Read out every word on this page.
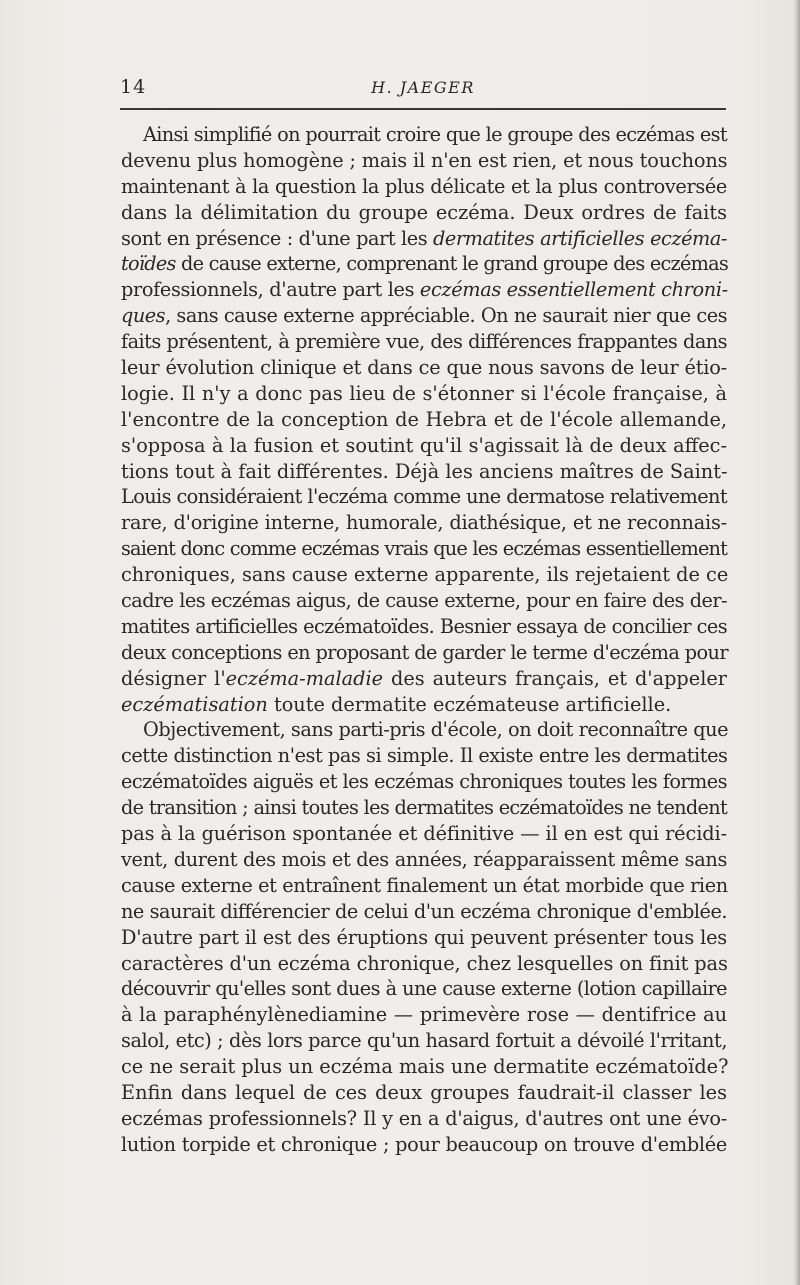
14	H. JAEGER
Ainsi simplifié on pourrait croire que le groupe des eczémas est
devenu plus homogène ; mais il n'en est rien, et nous touchons
maintenant à la question la plus délicate et la plus controversée
dans la délimitation du groupe eczéma. Deux ordres de faits
sont en présence : d'une part les dermatites artificielles eczéma-
toïdes de cause externe, comprenant le grand groupe des eczémas
professionnels, d'autre part les eczémas essentiellement chroni-
ques, sans cause externe appréciable. On ne saurait nier que ces
faits présentent, à première vue, des différences frappantes dans
leur évolution clinique et dans ce que nous savons de leur étio-
logie. Il n'y a donc pas lieu de s'étonner si l'école française, à
l'encontre de la conception de Hebra et de l'école allemande,
s'opposa à la fusion et soutint qu'il s'agissait là de deux affec-
tions tout à fait différentes. Déjà les anciens maîtres de Saint-
Louis considéraient l'eczéma comme une dermatose relativement
rare, d'origine interne, humorale, diathésique, et ne reconnais-
saient donc comme eczémas vrais que les eczémas essentiellement
chroniques, sans cause externe apparente, ils rejetaient de ce
cadre les eczémas aigus, de cause externe, pour en faire des der-
matites artificielles eczématoïdes. Besnier essaya de concilier ces
deux conceptions en proposant de garder le terme d'eczéma pour
désigner l'eczéma-maladie des auteurs français, et d'appeler
eczématisation toute dermatite eczémateuse artificielle.
Objectivement, sans parti-pris d'école, on doit reconnaître que
cette distinction n'est pas si simple. Il existe entre les dermatites
eczématoïdes aiguës et les eczémas chroniques toutes les formes
de transition ; ainsi toutes les dermatites eczématoïdes ne tendent
pas à la guérison spontanée et définitive — il en est qui récidi-
vent, durent des mois et des années, réapparaissent même sans
cause externe et entraînent finalement un état morbide que rien
ne saurait différencier de celui d'un eczéma chronique d'emblée.
D'autre part il est des éruptions qui peuvent présenter tous les
caractères d'un eczéma chronique, chez lesquelles on finit pas
découvrir qu'elles sont dues à une cause externe (lotion capillaire
à la paraphénylènediamine — primevère rose — dentifrice au
salol, etc) ; dès lors parce qu'un hasard fortuit a dévoilé l'rritant,
ce ne serait plus un eczéma mais une dermatite eczématoïde?
Enfin dans lequel de ces deux groupes faudrait-il classer les
eczémas professionnels? Il y en a d'aigus, d'autres ont une évo-
lution torpide et chronique ; pour beaucoup on trouve d'emblée
